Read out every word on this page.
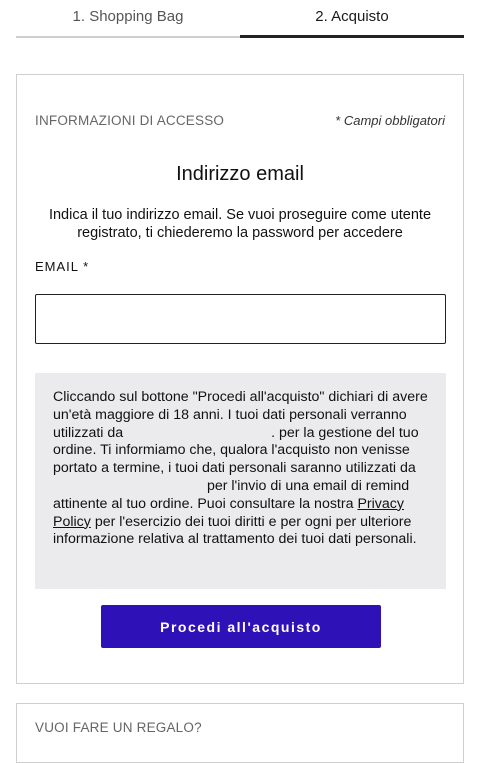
1. Shopping Bag	2. Acquisto
INFORMAZIONI DI ACCESSO	* Campi obbligatori
Indirizzo email
Indica il tuo indirizzo email. Se vuoi proseguire come utente registrato, ti chiederemo la password per accedere
EMAIL *
Cliccando sul bottone "Procedi all'acquisto" dichiari di avere un'età maggiore di 18 anni. I tuoi dati personali verranno utilizzati da	. per la gestione del tuo ordine. Ti informiamo che, qualora l'acquisto non venisse portato a termine, i tuoi dati personali saranno utilizzati da  per l'invio di una email di remind attinente al tuo ordine. Puoi consultare la nostra Privacy Policy per l'esercizio dei tuoi diritti e per ogni per ulteriore informazione relativa al trattamento dei tuoi dati personali.
Procedi all'acquisto
VUOI FARE UN REGALO?
